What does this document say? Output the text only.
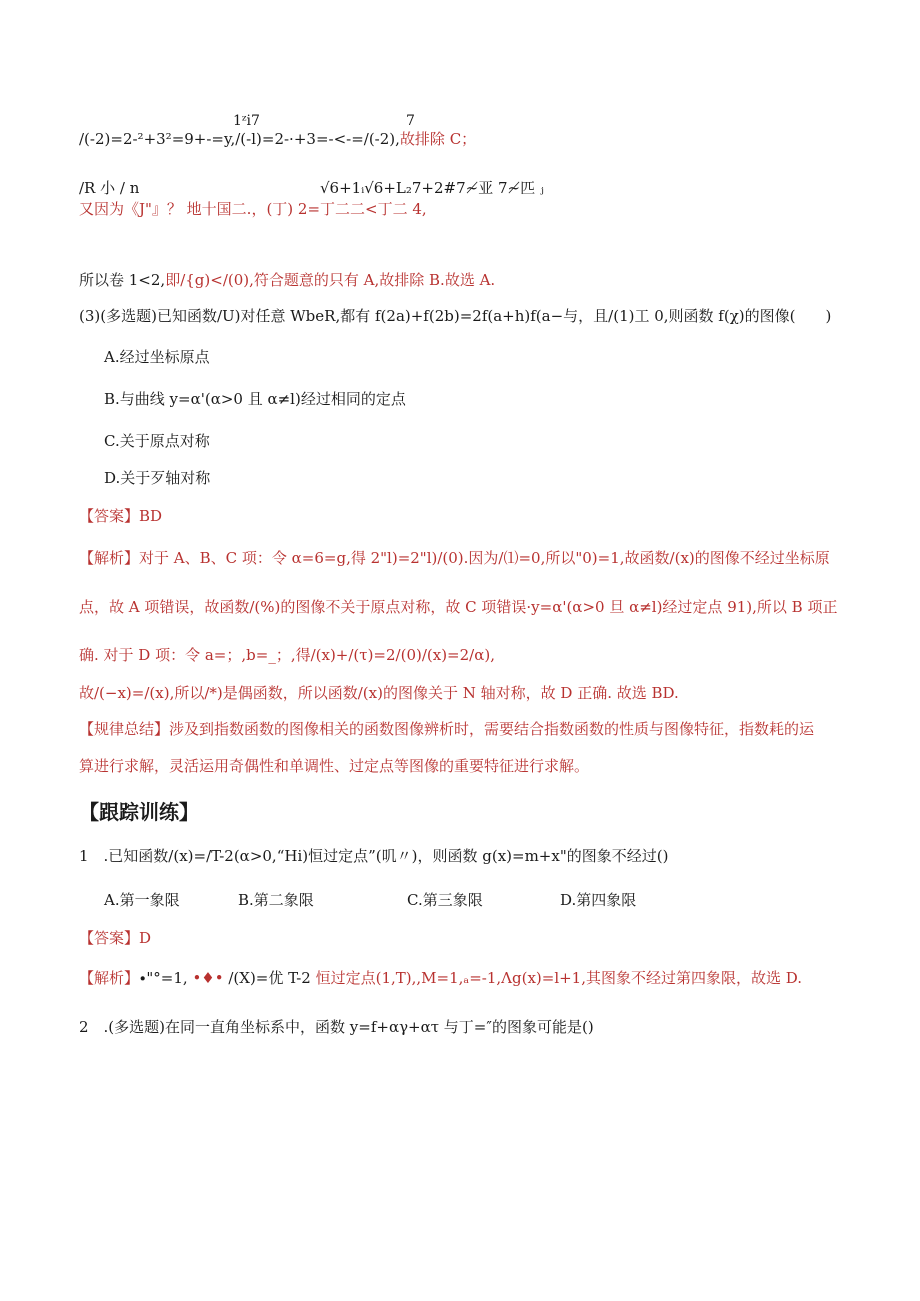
1ᶻi7	7
/(-2)=2-²+3²=9+-=y,/(-l)=2-·+3=-<-=/(-2),故排除 C；
/R 小 / n	√6+1ᵢ√6+L₂7+2#7≁亚 7≁匹 ⱼ
又因为《J"』？ 地十国二.，(丁) 2=丁二二<丁二 4,
所以卷 1<2,即/{g)</(0),符合题意的只有 A,故排除 B.故选 A.
(3)(多选题)已知函数/U)对任意 WbeR,都有 f(2a)+f(2b)=2f(a+h)f(a−与，且/(1)工 0,则函数 f(χ)的图像(　　)
A.经过坐标原点
B.与曲线 y=α'(α>0 且 α≠l)经过相同的定点
C.关于原点对称
D.关于歹轴对称
【答案】BD
【解析】对于 A、B、C 项：令 α=6=g,得 2"l)=2"l)/(0).因为/⑴=0,所以"0)=1,故函数/(x)的图像不经过坐标原
点，故 A 项错误，故函数/(%)的图像不关于原点对称，故 C 项错误·y=α'(α>0 旦 α≠l)经过定点 91),所以 B 项正
确. 对于 D 项：令 a=；,b=_；,得/(x)+/(τ)=2/(0)/(x)=2/α),
故/(−x)=/(x),所以/*)是偶函数，所以函数/(x)的图像关于 N 轴对称，故 D 正确. 故选 BD.
【规律总结】涉及到指数函数的图像相关的函数图像辨析时，需要结合指数函数的性质与图像特征，指数耗的运
算进行求解，灵活运用奇偶性和单调性、过定点等图像的重要特征进行求解。
【跟踪训练】
1　.已知函数/(x)=/T-2(α>0,“Hi)恒过定点”(叽〃)，则函数 g(x)=m+x"的图象不经过()
A.第一象限	B.第二象限	C.第三象限	D.第四象限
【答案】D
【解析】∙"°=1, •♦• /(X)=优 T-2 恒过定点(1,T),,M=1,ₐ=-1,Λg(x)=l+1,其图象不经过第四象限，故选 D.
2　.(多选题)在同一直角坐标系中，函数 y=f+αγ+ατ 与丁=″的图象可能是()
